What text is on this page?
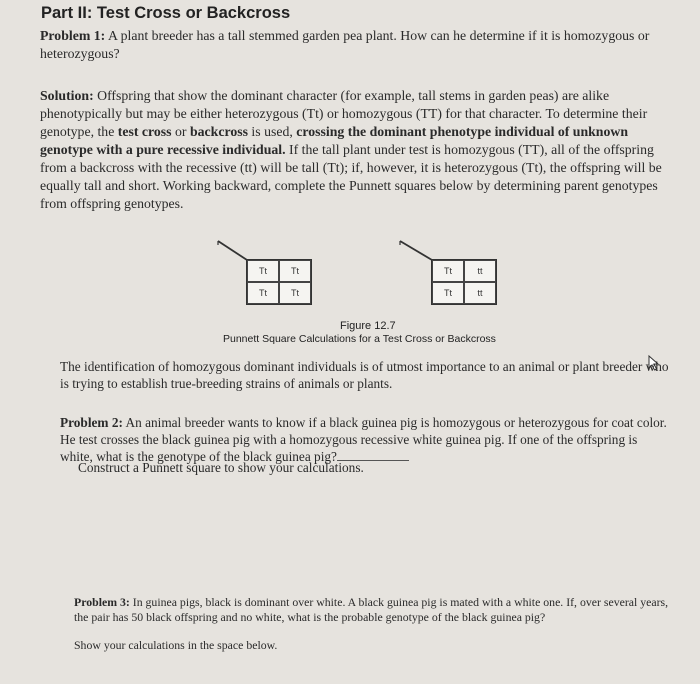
Part II: Test Cross or Backcross
Problem 1: A plant breeder has a tall stemmed garden pea plant. How can he determine if it is homozygous or heterozygous?
Solution: Offspring that show the dominant character (for example, tall stems in garden peas) are alike phenotypically but may be either heterozygous (Tt) or homozygous (TT) for that character. To determine their genotype, the test cross or backcross is used, crossing the dominant phenotype individual of unknown genotype with a pure recessive individual. If the tall plant under test is homozygous (TT), all of the offspring from a backcross with the recessive (tt) will be tall (Tt); if, however, it is heterozygous (Tt), the offspring will be equally tall and short. Working backward, complete the Punnett squares below by determining parent genotypes from offspring genotypes.
Tt	Tt
Tt	Tt
Tt	tt
Tt	tt
Figure 12.7
Punnett Square Calculations for a Test Cross or Backcross
The identification of homozygous dominant individuals is of utmost importance to an animal or plant breeder who is trying to establish true-breeding strains of animals or plants.
Problem 2: An animal breeder wants to know if a black guinea pig is homozygous or heterozygous for coat color. He test crosses the black guinea pig with a homozygous recessive white guinea pig. If one of the offspring is white, what is the genotype of the black guinea pig?
Construct a Punnett square to show your calculations.
Problem 3: In guinea pigs, black is dominant over white. A black guinea pig is mated with a white one. If, over several years, the pair has 50 black offspring and no white, what is the probable genotype of the black guinea pig?
Show your calculations in the space below.
